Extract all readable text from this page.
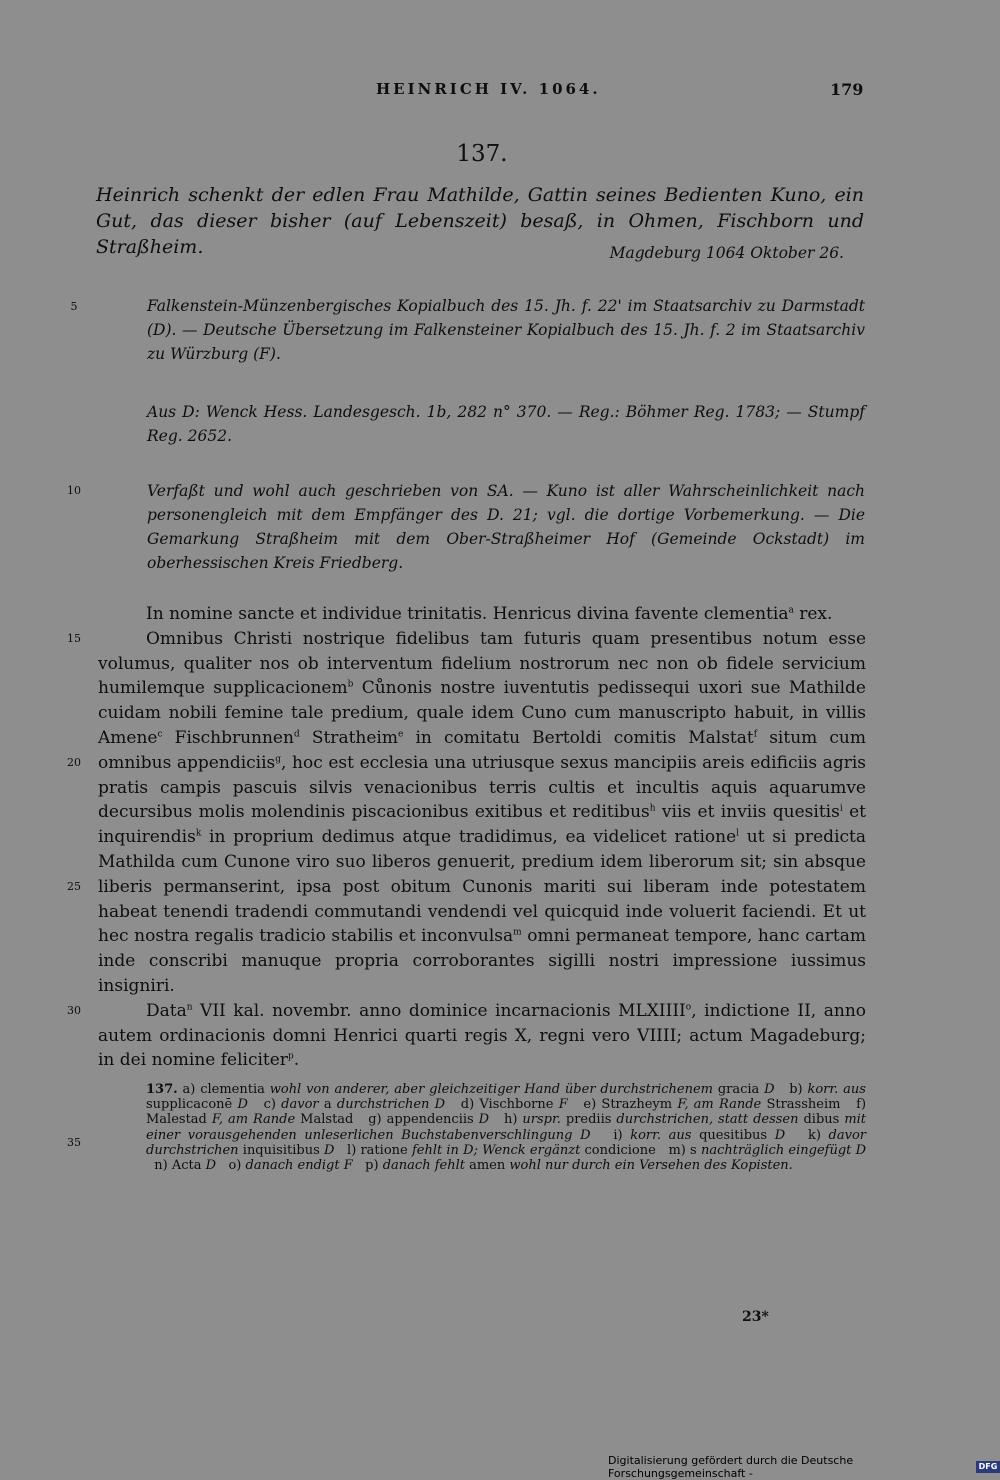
HEINRICH IV. 1064.	179
137.
Heinrich schenkt der edlen Frau Mathilde, Gattin seines Bedienten Kuno, ein
Gut, das dieser bisher (auf Lebenszeit) besaß, in Ohmen, Fischborn und Straßheim.	Magdeburg 1064 Oktober 26.
5
10
15
20
25
30
35
Falkenstein-Münzenbergisches Kopialbuch des 15. Jh. f. 22' im Staatsarchiv zu Darmstadt (D). — Deutsche Übersetzung im Falkensteiner Kopialbuch des 15. Jh. f. 2 im Staatsarchiv zu Würzburg (F).
Aus D: Wenck Hess. Landesgesch. 1b, 282 n° 370. — Reg.: Böhmer Reg. 1783; — Stumpf Reg. 2652.
Verfaßt und wohl auch geschrieben von SA. — Kuno ist aller Wahrscheinlichkeit nach personengleich mit dem Empfänger des D. 21; vgl. die dortige Vorbemerkung. — Die Gemarkung Straßheim mit dem Ober-Straßheimer Hof (Gemeinde Ockstadt) im oberhessischen Kreis Friedberg.

In nomine sancte et individue trinitatis. Henricus divina favente clementia$^a$ rex.

Omnibus Christi nostrique fidelibus tam futuris quam presentibus notum esse volumus, qualiter nos ob interventum fidelium nostrorum nec non ob fidele servicium humilemque supplicacionem$^b$ Cůnonis nostre iuventutis pedissequi uxori sue Mathilde cuidam nobili femine tale predium, quale idem Cuno cum manuscripto habuit, in villis Amene$^c$ Fischbrunnen$^d$ Stratheim$^e$ in comitatu Bertoldi comitis Malstat$^f$ situm cum omnibus appendiciis$^g$, hoc est ecclesia una utriusque sexus mancipiis areis edificiis agris pratis campis pascuis silvis venacionibus terris cultis et incultis aquis aquarumve decursibus molis molendinis piscacionibus exitibus et reditibus$^h$ viis et inviis quesitis$^i$ et inquirendis$^k$ in proprium dedimus atque tradidimus, ea videlicet ratione$^l$ ut si predicta Mathilda cum Cunone viro suo liberos genuerit, predium idem liberorum sit; sin absque liberis permanserint, ipsa post obitum Cunonis mariti sui liberam inde potestatem habeat tenendi tradendi commutandi vendendi vel quicquid inde voluerit faciendi. Et ut hec nostra regalis tradicio stabilis et inconvulsa$^m$ omni permaneat tempore, hanc cartam inde conscribi manuque propria corroborantes sigilli nostri impressione iussimus insigniri.

Data$^n$ VII kal. novembr. anno dominice incarnacionis MLXIIII$^o$, indictione II, anno autem ordinacionis domni Henrici quarti regis X, regni vero VIIII; actum Magadeburg; in dei nomine feliciter$^p$.

137. a) clementia wohl von anderer, aber gleichzeitiger Hand über durchstrichenem gracia D b) korr. aus supplicaconē D c) davor a durchstrichen D d) Vischborne F e) Strazheym F, am Rande Strassheim f) Malestad F, am Rande Malstad g) appendenciis D h) urspr. prediis durchstrichen, statt dessen dibus mit einer vorausgehenden unleserlichen Buchstabenverschlingung D i) korr. aus quesitibus D k) davor durchstrichen inquisitibus D l) ratione fehlt in D; Wenck ergänzt condicione m) s nachträglich eingefügt D   n) Acta D o) danach endigt F p) danach fehlt amen wohl nur durch ein Versehen des Kopisten.

23*
Digitalisierung gefördert durch die Deutsche Forschungsgemeinschaft -
DFG
